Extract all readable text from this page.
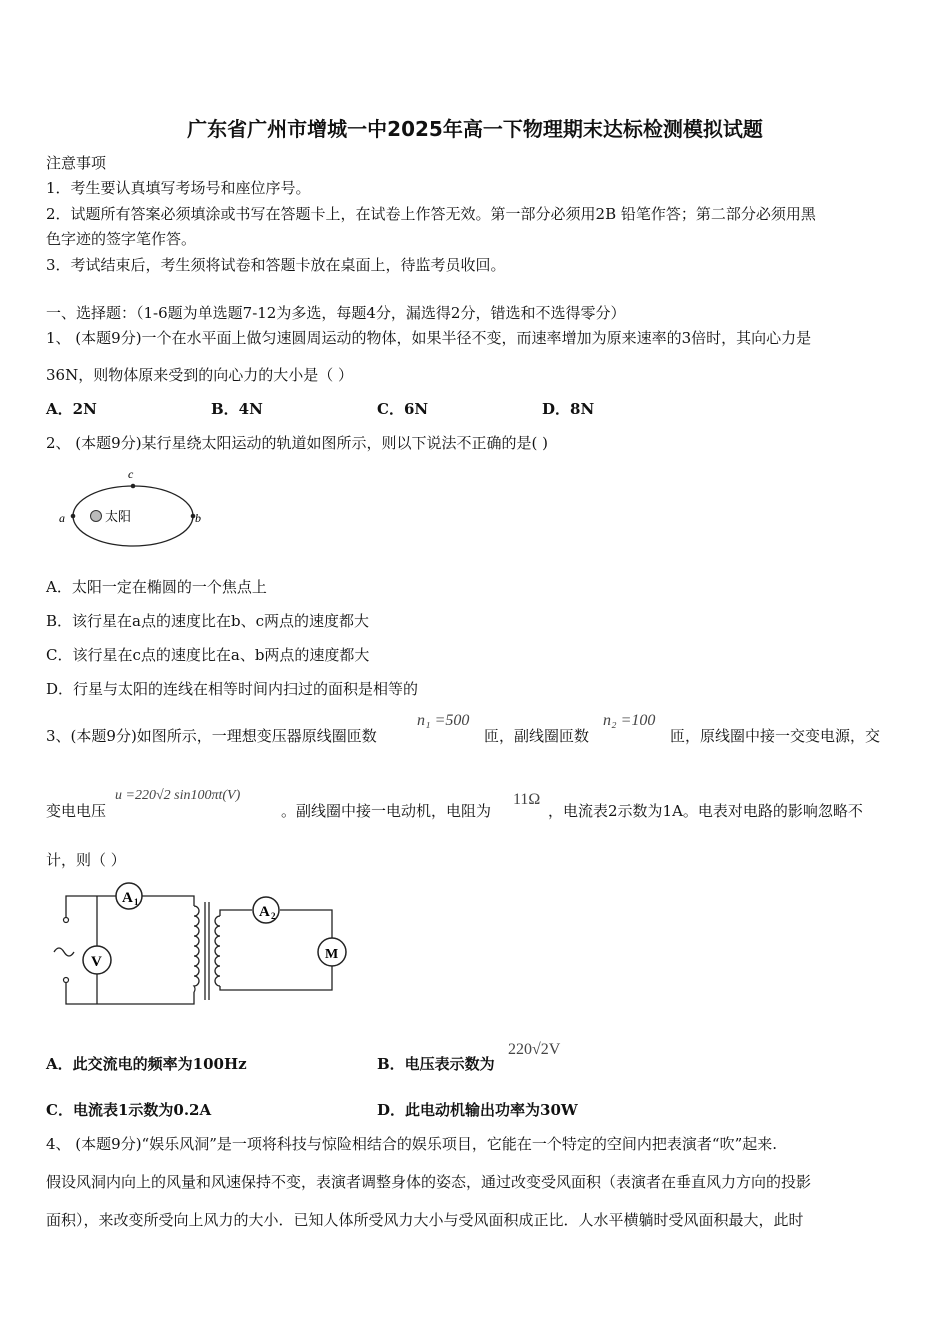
广东省广州市增城一中2025年高一下物理期末达标检测模拟试题
注意事项
1．考生要认真填写考场号和座位序号。
2．试题所有答案必须填涂或书写在答题卡上，在试卷上作答无效。第一部分必须用2B 铅笔作答；第二部分必须用黑
色字迹的签字笔作答。
3．考试结束后，考生须将试卷和答题卡放在桌面上，待监考员收回。
一、选择题：（1-6题为单选题7-12为多选，每题4分，漏选得2分，错选和不选得零分）
1、 (本题9分)一个在水平面上做匀速圆周运动的物体，如果半径不变，而速率增加为原来速率的3倍时，其向心力是
36N，则物体原来受到的向心力的大小是（ ）
A．2N	B．4N	C．6N	D．8N
2、 (本题9分)某行星绕太阳运动的轨道如图所示，则以下说法不正确的是( )
a	b
c
太阳
A．太阳一定在椭圆的一个焦点上
B．该行星在a点的速度比在b、c两点的速度都大
C．该行星在c点的速度比在a、b两点的速度都大
D．行星与太阳的连线在相等时间内扫过的面积是相等的
3、(本题9分)如图所示，一理想变压器原线圈匝数
n₁ =500
匝，副线圈匝数
n₂ =100
匝，原线圈中接一交变电源，交
变电电压
u =220√2 sin100πt(V)
。副线圈中接一电动机，电阻为
11Ω
，电流表2示数为1A。电表对电路的影响忽略不
计，则（ ）
A 1
V
A 2
M
A．此交流电的频率为100Hz	B．电压表示数为
220√2V
C．电流表1示数为0.2A	D．此电动机输出功率为30W
4、 (本题9分)“娱乐风洞”是一项将科技与惊险相结合的娱乐项目，它能在一个特定的空间内把表演者“吹”起来.
假设风洞内向上的风量和风速保持不变，表演者调整身体的姿态，通过改变受风面积（表演者在垂直风力方向的投影
面积），来改变所受向上风力的大小．已知人体所受风力大小与受风面积成正比．人水平横躺时受风面积最大，此时
